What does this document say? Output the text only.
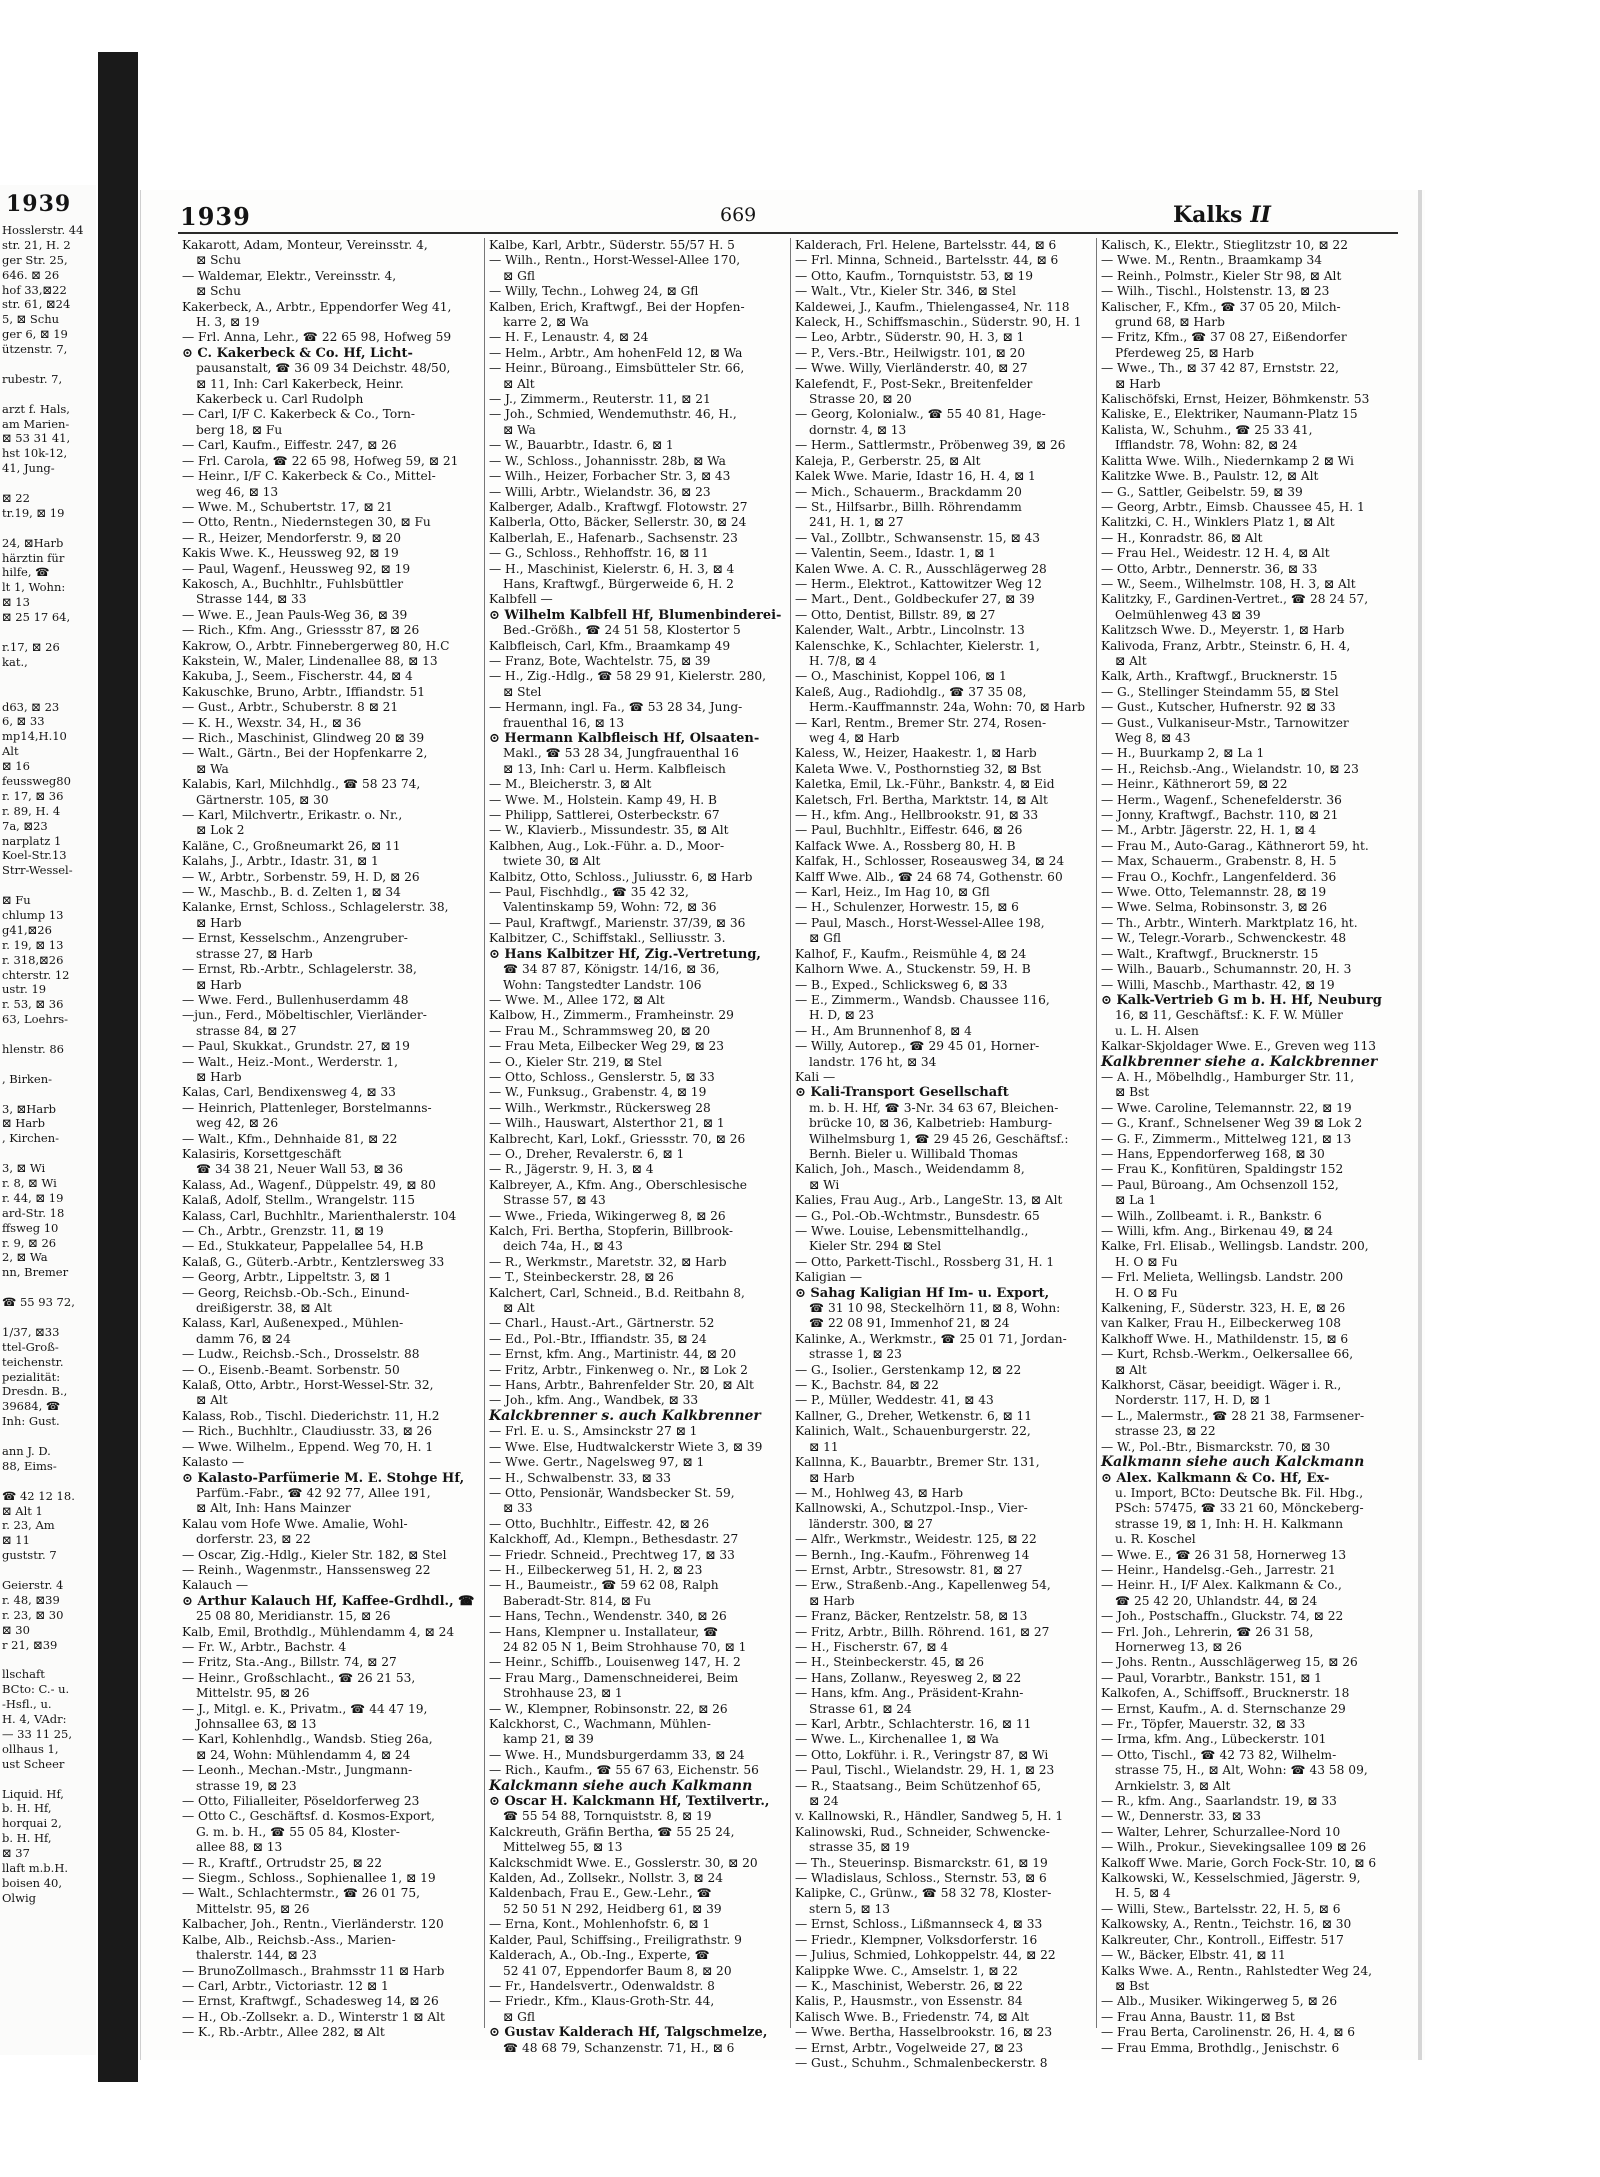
1939
Hosslerstr. 44
str. 21, H. 2
ger Str. 25,
646. ⊠ 26
hof 33,⊠22
str. 61, ⊠24
5, ⊠ Schu
ger 6, ⊠ 19
ützenstr. 7,
rubestr. 7,
arzt f. Hals,
am Marien-
⊠ 53 31 41,
hst 10k-12,
41, Jung-
⊠ 22
tr.19, ⊠ 19
24, ⊠Harb
härztin für
hilfe, ☎
lt 1, Wohn:
⊠ 13
⊠ 25 17 64,
r.17, ⊠ 26
kat.,
d63, ⊠ 23
6, ⊠ 33
mp14,H.10
Alt
⊠ 16
feussweg80
r. 17, ⊠ 36
r. 89, H. 4
7a, ⊠23
narplatz 1
Koel-Str.13
Strr-Wessel-
⊠ Fu
chlump 13
g41,⊠26
r. 19, ⊠ 13
r. 318,⊠26
chterstr. 12
ustr. 19
r. 53, ⊠ 36
63, Loehrs-
hlenstr. 86
, Birken-
3, ⊠Harb
⊠ Harb
, Kirchen-
3, ⊠ Wi
r. 8, ⊠ Wi
r. 44, ⊠ 19
ard-Str. 18
ffsweg 10
r. 9, ⊠ 26
2, ⊠ Wa
nn, Bremer
☎ 55 93 72,
1/37, ⊠33
ttel-Groß-
teichenstr.
pezialität:
Dresdn. B.,
39684, ☎
Inh: Gust.
ann J. D.
88, Eims-
☎ 42 12 18.
⊠ Alt 1
r. 23, Am
⊠ 11
guststr. 7
Geierstr. 4
r. 48, ⊠39
r. 23, ⊠ 30
⊠ 30
r 21, ⊠39
llschaft
BCto: C.- u.
-Hsfl., u.
H. 4, VAdr:
— 33 11 25,
ollhaus 1,
ust Scheer
Liquid. Hf,
b. H. Hf,
horquai 2,
b. H. Hf,
⊠ 37
llaft m.b.H.
boisen 40,
Olwig
1939	669	Kalks II
Kakarott, Adam, Monteur, Vereinsstr. 4,
⊠ Schu
— Waldemar, Elektr., Vereinsstr. 4,
⊠ Schu
Kakerbeck, A., Arbtr., Eppendorfer Weg 41,
H. 3, ⊠ 19
— Frl. Anna, Lehr., ☎ 22 65 98, Hofweg 59
⊙ C. Kakerbeck & Co. Hf, Licht-
pausanstalt, ☎ 36 09 34 Deichstr. 48/50,
⊠ 11, Inh: Carl Kakerbeck, Heinr.
Kakerbeck u. Carl Rudolph
— Carl, I/F C. Kakerbeck & Co., Torn-
berg 18, ⊠ Fu
— Carl, Kaufm., Eiffestr. 247, ⊠ 26
— Frl. Carola, ☎ 22 65 98, Hofweg 59, ⊠ 21
— Heinr., I/F C. Kakerbeck & Co., Mittel-
weg 46, ⊠ 13
— Wwe. M., Schubertstr. 17, ⊠ 21
— Otto, Rentn., Niedernstegen 30, ⊠ Fu
— R., Heizer, Mendorferstr. 9, ⊠ 20
Kakis Wwe. K., Heussweg 92, ⊠ 19
— Paul, Wagenf., Heussweg 92, ⊠ 19
Kakosch, A., Buchhltr., Fuhlsbüttler
Strasse 144, ⊠ 33
— Wwe. E., Jean Pauls-Weg 36, ⊠ 39
— Rich., Kfm. Ang., Griessstr 87, ⊠ 26
Kakrow, O., Arbtr. Finnebergerweg 80, H.C
Kakstein, W., Maler, Lindenallee 88, ⊠ 13
Kakuba, J., Seem., Fischerstr. 44, ⊠ 4
Kakuschke, Bruno, Arbtr., Iffiandstr. 51
— Gust., Arbtr., Schuberstr. 8 ⊠ 21
— K. H., Wexstr. 34, H., ⊠ 36
— Rich., Maschinist, Glindweg 20 ⊠ 39
— Walt., Gärtn., Bei der Hopfenkarre 2,
⊠ Wa
Kalabis, Karl, Milchhdlg., ☎ 58 23 74,
Gärtnerstr. 105, ⊠ 30
— Karl, Milchvertr., Erikastr. o. Nr.,
⊠ Lok 2
Kaläne, C., Großneumarkt 26, ⊠ 11
Kalahs, J., Arbtr., Idastr. 31, ⊠ 1
— W., Arbtr., Sorbenstr. 59, H. D, ⊠ 26
— W., Maschb., B. d. Zelten 1, ⊠ 34
Kalanke, Ernst, Schloss., Schlagelerstr. 38,
⊠ Harb
— Ernst, Kesselschm., Anzengruber-
strasse 27, ⊠ Harb
— Ernst, Rb.-Arbtr., Schlagelerstr. 38,
⊠ Harb
— Wwe. Ferd., Bullenhuserdamm 48
—jun., Ferd., Möbeltischler, Vierländer-
strasse 84, ⊠ 27
— Paul, Skukkat., Grundstr. 27, ⊠ 19
— Walt., Heiz.-Mont., Werderstr. 1,
⊠ Harb
Kalas, Carl, Bendixensweg 4, ⊠ 33
— Heinrich, Plattenleger, Borstelmanns-
weg 42, ⊠ 26
— Walt., Kfm., Dehnhaide 81, ⊠ 22
Kalasiris, Korsettgeschäft
☎ 34 38 21, Neuer Wall 53, ⊠ 36
Kalass, Ad., Wagenf., Düppelstr. 49, ⊠ 80
Kalaß, Adolf, Stellm., Wrangelstr. 115
Kalass, Carl, Buchhltr., Marienthalerstr. 104
— Ch., Arbtr., Grenzstr. 11, ⊠ 19
— Ed., Stukkateur, Pappelallee 54, H.B
Kalaß, G., Güterb.-Arbtr., Kentzlersweg 33
— Georg, Arbtr., Lippeltstr. 3, ⊠ 1
— Georg, Reichsb.-Ob.-Sch., Einund-
dreißigerstr. 38, ⊠ Alt
Kalass, Karl, Außenexped., Mühlen-
damm 76, ⊠ 24
— Ludw., Reichsb.-Sch., Drosselstr. 88
— O., Eisenb.-Beamt. Sorbenstr. 50
Kalaß, Otto, Arbtr., Horst-Wessel-Str. 32,
⊠ Alt
Kalass, Rob., Tischl. Diederichstr. 11, H.2
— Rich., Buchhltr., Claudiusstr. 33, ⊠ 26
— Wwe. Wilhelm., Eppend. Weg 70, H. 1
Kalasto —
⊙ Kalasto-Parfümerie M. E. Stohge Hf,
Parfüm.-Fabr., ☎ 42 92 77, Allee 191,
⊠ Alt, Inh: Hans Mainzer
Kalau vom Hofe Wwe. Amalie, Wohl-
dorferstr. 23, ⊠ 22
— Oscar, Zig.-Hdlg., Kieler Str. 182, ⊠ Stel
— Reinh., Wagenmstr., Hanssensweg 22
Kalauch —
⊙ Arthur Kalauch Hf, Kaffee-Grdhdl., ☎
25 08 80, Meridianstr. 15, ⊠ 26
Kalb, Emil, Brothdlg., Mühlendamm 4, ⊠ 24
— Fr. W., Arbtr., Bachstr. 4
— Fritz, Sta.-Ang., Billstr. 74, ⊠ 27
— Heinr., Großschlacht., ☎ 26 21 53,
Mittelstr. 95, ⊠ 26
— J., Mitgl. e. K., Privatm., ☎ 44 47 19,
Johnsallee 63, ⊠ 13
— Karl, Kohlenhdlg., Wandsb. Stieg 26a,
⊠ 24, Wohn: Mühlendamm 4, ⊠ 24
— Leonh., Mechan.-Mstr., Jungmann-
strasse 19, ⊠ 23
— Otto, Filialleiter, Pöseldorferweg 23
— Otto C., Geschäftsf. d. Kosmos-Export,
G. m. b. H., ☎ 55 05 84, Kloster-
allee 88, ⊠ 13
— R., Kraftf., Ortrudstr 25, ⊠ 22
— Siegm., Schloss., Sophienallee 1, ⊠ 19
— Walt., Schlachtermstr., ☎ 26 01 75,
Mittelstr. 95, ⊠ 26
Kalbacher, Joh., Rentn., Vierländerstr. 120
Kalbe, Alb., Reichsb.-Ass., Marien-
thalerstr. 144, ⊠ 23
— BrunoZollmasch., Brahmsstr 11 ⊠ Harb
— Carl, Arbtr., Victoriastr. 12 ⊠ 1
— Ernst, Kraftwgf., Schadesweg 14, ⊠ 26
— H., Ob.-Zollsekr. a. D., Winterstr 1 ⊠ Alt
— K., Rb.-Arbtr., Allee 282, ⊠ Alt
Kalbe, Karl, Arbtr., Süderstr. 55/57 H. 5
— Wilh., Rentn., Horst-Wessel-Allee 170,
⊠ Gfl
— Willy, Techn., Lohweg 24, ⊠ Gfl
Kalben, Erich, Kraftwgf., Bei der Hopfen-
karre 2, ⊠ Wa
— H. F., Lenaustr. 4, ⊠ 24
— Helm., Arbtr., Am hohenFeld 12, ⊠ Wa
— Heinr., Büroang., Eimsbütteler Str. 66,
⊠ Alt
— J., Zimmerm., Reuterstr. 11, ⊠ 21
— Joh., Schmied, Wendemuthstr. 46, H.,
⊠ Wa
— W., Bauarbtr., Idastr. 6, ⊠ 1
— W., Schloss., Johannisstr. 28b, ⊠ Wa
— Wilh., Heizer, Forbacher Str. 3, ⊠ 43
— Willi, Arbtr., Wielandstr. 36, ⊠ 23
Kalberger, Adalb., Kraftwgf. Flotowstr. 27
Kalberla, Otto, Bäcker, Sellerstr. 30, ⊠ 24
Kalberlah, E., Hafenarb., Sachsenstr. 23
— G., Schloss., Rehhoffstr. 16, ⊠ 11
— H., Maschinist, Kielerstr. 6, H. 3, ⊠ 4
Hans, Kraftwgf., Bürgerweide 6, H. 2
Kalbfell —
⊙ Wilhelm Kalbfell Hf, Blumenbinderei-
Bed.-Größh., ☎ 24 51 58, Klostertor 5
Kalbfleisch, Carl, Kfm., Braamkamp 49
— Franz, Bote, Wachtelstr. 75, ⊠ 39
— H., Zig.-Hdlg., ☎ 58 29 91, Kielerstr. 280,
⊠ Stel
— Hermann, ingl. Fa., ☎ 53 28 34, Jung-
frauenthal 16, ⊠ 13
⊙ Hermann Kalbfleisch Hf, Olsaaten-
Makl., ☎ 53 28 34, Jungfrauenthal 16
⊠ 13, Inh: Carl u. Herm. Kalbfleisch
— M., Bleicherstr. 3, ⊠ Alt
— Wwe. M., Holstein. Kamp 49, H. B
— Philipp, Sattlerei, Osterbeckstr. 67
— W., Klavierb., Missundestr. 35, ⊠ Alt
Kalbhen, Aug., Lok.-Führ. a. D., Moor-
twiete 30, ⊠ Alt
Kalbitz, Otto, Schloss., Juliusstr. 6, ⊠ Harb
— Paul, Fischhdlg., ☎ 35 42 32,
Valentinskamp 59, Wohn: 72, ⊠ 36
— Paul, Kraftwgf., Marienstr. 37/39, ⊠ 36
Kalbitzer, C., Schiffstakl., Selliusstr. 3.
⊙ Hans Kalbitzer Hf, Zig.-Vertretung,
☎ 34 87 87, Königstr. 14/16, ⊠ 36,
Wohn: Tangstedter Landstr. 106
— Wwe. M., Allee 172, ⊠ Alt
Kalbow, H., Zimmerm., Framheinstr. 29
— Frau M., Schrammsweg 20, ⊠ 20
— Frau Meta, Eilbecker Weg 29, ⊠ 23
— O., Kieler Str. 219, ⊠ Stel
— Otto, Schloss., Genslerstr. 5, ⊠ 33
— W., Funksug., Grabenstr. 4, ⊠ 19
— Wilh., Werkmstr., Rückersweg 28
— Wilh., Hauswart, Alsterthor 21, ⊠ 1
Kalbrecht, Karl, Lokf., Griessstr. 70, ⊠ 26
— O., Dreher, Revalerstr. 6, ⊠ 1
— R., Jägerstr. 9, H. 3, ⊠ 4
Kalbreyer, A., Kfm. Ang., Oberschlesische
Strasse 57, ⊠ 43
— Wwe., Frieda, Wikingerweg 8, ⊠ 26
Kalch, Fri. Bertha, Stopferin, Billbrook-
deich 74a, H., ⊠ 43
— R., Werkmstr., Maretstr. 32, ⊠ Harb
— T., Steinbeckerstr. 28, ⊠ 26
Kalchert, Carl, Schneid., B.d. Reitbahn 8,
⊠ Alt
— Charl., Haust.-Art., Gärtnerstr. 52
— Ed., Pol.-Btr., Iffiandstr. 35, ⊠ 24
— Ernst, kfm. Ang., Martinistr. 44, ⊠ 20
— Fritz, Arbtr., Finkenweg o. Nr., ⊠ Lok 2
— Hans, Arbtr., Bahrenfelder Str. 20, ⊠ Alt
— Joh., kfm. Ang., Wandbek, ⊠ 33
Kalckbrenner s. auch Kalkbrenner
— Frl. E. u. S., Amsinckstr 27 ⊠ 1
— Wwe. Else, Hudtwalckerstr Wiete 3, ⊠ 39
— Wwe. Gertr., Nagelsweg 97, ⊠ 1
— H., Schwalbenstr. 33, ⊠ 33
— Otto, Pensionär, Wandsbecker St. 59,
⊠ 33
— Otto, Buchhltr., Eiffestr. 42, ⊠ 26
Kalckhoff, Ad., Klempn., Bethesdastr. 27
— Friedr. Schneid., Prechtweg 17, ⊠ 33
— H., Eilbeckerweg 51, H. 2, ⊠ 23
— H., Baumeistr., ☎ 59 62 08, Ralph
Baberadt-Str. 814, ⊠ Fu
— Hans, Techn., Wendenstr. 340, ⊠ 26
— Hans, Klempner u. Installateur, ☎
24 82 05 N 1, Beim Strohhause 70, ⊠ 1
— Heinr., Schiffb., Louisenweg 147, H. 2
— Frau Marg., Damenschneiderei, Beim
Strohhause 23, ⊠ 1
— W., Klempner, Robinsonstr. 22, ⊠ 26
Kalckhorst, C., Wachmann, Mühlen-
kamp 21, ⊠ 39
— Wwe. H., Mundsburgerdamm 33, ⊠ 24
— Rich., Kaufm., ☎ 55 67 63, Eichenstr. 56
Kalckmann siehe auch Kalkmann
⊙ Oscar H. Kalckmann Hf, Textilvertr.,
☎ 55 54 88, Tornquiststr. 8, ⊠ 19
Kalckreuth, Gräfin Bertha, ☎ 55 25 24,
Mittelweg 55, ⊠ 13
Kalckschmidt Wwe. E., Gosslerstr. 30, ⊠ 20
Kalden, Ad., Zollsekr., Nollstr. 3, ⊠ 24
Kaldenbach, Frau E., Gew.-Lehr., ☎
52 50 51 N 292, Heidberg 61, ⊠ 39
— Erna, Kont., Mohlenhofstr. 6, ⊠ 1
Kalder, Paul, Schiffsing., Freiligrathstr. 9
Kalderach, A., Ob.-Ing., Experte, ☎
52 41 07, Eppendorfer Baum 8, ⊠ 20
— Fr., Handelsvertr., Odenwaldstr. 8
— Friedr., Kfm., Klaus-Groth-Str. 44,
⊠ Gfl
⊙ Gustav Kalderach Hf, Talgschmelze,
☎ 48 68 79, Schanzenstr. 71, H., ⊠ 6
Kalderach, Frl. Helene, Bartelsstr. 44, ⊠ 6
— Frl. Minna, Schneid., Bartelsstr. 44, ⊠ 6
— Otto, Kaufm., Tornquiststr. 53, ⊠ 19
— Walt., Vtr., Kieler Str. 346, ⊠ Stel
Kaldewei, J., Kaufm., Thielengasse4, Nr. 118
Kaleck, H., Schiffsmaschin., Süderstr. 90, H. 1
— Leo, Arbtr., Süderstr. 90, H. 3, ⊠ 1
— P., Vers.-Btr., Heilwigstr. 101, ⊠ 20
— Wwe. Willy, Vierländerstr. 40, ⊠ 27
Kalefendt, F., Post-Sekr., Breitenfelder
Strasse 20, ⊠ 20
— Georg, Kolonialw., ☎ 55 40 81, Hage-
dornstr. 4, ⊠ 13
— Herm., Sattlermstr., Pröbenweg 39, ⊠ 26
Kaleja, P., Gerberstr. 25, ⊠ Alt
Kalek Wwe. Marie, Idastr 16, H. 4, ⊠ 1
— Mich., Schauerm., Brackdamm 20
— St., Hilfsarbr., Billh. Röhrendamm
241, H. 1, ⊠ 27
— Val., Zollbtr., Schwansenstr. 15, ⊠ 43
— Valentin, Seem., Idastr. 1, ⊠ 1
Kalen Wwe. A. C. R., Ausschlägerweg 28
— Herm., Elektrot., Kattowitzer Weg 12
— Mart., Dent., Goldbeckufer 27, ⊠ 39
— Otto, Dentist, Billstr. 89, ⊠ 27
Kalender, Walt., Arbtr., Lincolnstr. 13
Kalenschke, K., Schlachter, Kielerstr. 1,
H. 7/8, ⊠ 4
— O., Maschinist, Koppel 106, ⊠ 1
Kaleß, Aug., Radiohdlg., ☎ 37 35 08,
Herm.-Kauffmannstr. 24a, Wohn: 70, ⊠ Harb
— Karl, Rentm., Bremer Str. 274, Rosen-
weg 4, ⊠ Harb
Kaless, W., Heizer, Haakestr. 1, ⊠ Harb
Kaleta Wwe. V., Posthornstieg 32, ⊠ Bst
Kaletka, Emil, Lk.-Führ., Bankstr. 4, ⊠ Eid
Kaletsch, Frl. Bertha, Marktstr. 14, ⊠ Alt
— H., kfm. Ang., Hellbrookstr. 91, ⊠ 33
— Paul, Buchhltr., Eiffestr. 646, ⊠ 26
Kalfack Wwe. A., Rossberg 80, H. B
Kalfak, H., Schlosser, Roseausweg 34, ⊠ 24
Kalff Wwe. Alb., ☎ 24 68 74, Gothenstr. 60
— Karl, Heiz., Im Hag 10, ⊠ Gfl
— H., Schulenzer, Horwestr. 15, ⊠ 6
— Paul, Masch., Horst-Wessel-Allee 198,
⊠ Gfl
Kalhof, F., Kaufm., Reismühle 4, ⊠ 24
Kalhorn Wwe. A., Stuckenstr. 59, H. B
— B., Exped., Schlicksweg 6, ⊠ 33
— E., Zimmerm., Wandsb. Chaussee 116,
H. D, ⊠ 23
— H., Am Brunnenhof 8, ⊠ 4
— Willy, Autorep., ☎ 29 45 01, Horner-
landstr. 176 ht, ⊠ 34
Kali —
⊙ Kali-Transport Gesellschaft
m. b. H. Hf, ☎ 3-Nr. 34 63 67, Bleichen-
brücke 10, ⊠ 36, Kalbetrieb: Hamburg-
Wilhelmsburg 1, ☎ 29 45 26, Geschäftsf.:
Bernh. Bieler u. Willibald Thomas
Kalich, Joh., Masch., Weidendamm 8,
⊠ Wi
Kalies, Frau Aug., Arb., LangeStr. 13, ⊠ Alt
— G., Pol.-Ob.-Wchtmstr., Bunsdestr. 65
— Wwe. Louise, Lebensmittelhandlg.,
Kieler Str. 294 ⊠ Stel
— Otto, Parkett-Tischl., Rossberg 31, H. 1
Kaligian —
⊙ Sahag Kaligian Hf Im- u. Export,
☎ 31 10 98, Steckelhörn 11, ⊠ 8, Wohn:
☎ 22 08 91, Immenhof 21, ⊠ 24
Kalinke, A., Werkmstr., ☎ 25 01 71, Jordan-
strasse 1, ⊠ 23
— G., Isolier., Gerstenkamp 12, ⊠ 22
— K., Bachstr. 84, ⊠ 22
— P., Müller, Weddestr. 41, ⊠ 43
Kallner, G., Dreher, Wetkenstr. 6, ⊠ 11
Kalinich, Walt., Schauenburgerstr. 22,
⊠ 11
Kallnna, K., Bauarbtr., Bremer Str. 131,
⊠ Harb
— M., Hohlweg 43, ⊠ Harb
Kallnowski, A., Schutzpol.-Insp., Vier-
länderstr. 300, ⊠ 27
— Alfr., Werkmstr., Weidestr. 125, ⊠ 22
— Bernh., Ing.-Kaufm., Föhrenweg 14
— Ernst, Arbtr., Stresowstr. 81, ⊠ 27
— Erw., Straßenb.-Ang., Kapellenweg 54,
⊠ Harb
— Franz, Bäcker, Rentzelstr. 58, ⊠ 13
— Fritz, Arbtr., Billh. Röhrend. 161, ⊠ 27
— H., Fischerstr. 67, ⊠ 4
— H., Steinbeckerstr. 45, ⊠ 26
— Hans, Zollanw., Reyesweg 2, ⊠ 22
— Hans, kfm. Ang., Präsident-Krahn-
Strasse 61, ⊠ 24
— Karl, Arbtr., Schlachterstr. 16, ⊠ 11
— Wwe. L., Kirchenallee 1, ⊠ Wa
— Otto, Lokführ. i. R., Veringstr 87, ⊠ Wi
— Paul, Tischl., Wielandstr. 29, H. 1, ⊠ 23
— R., Staatsang., Beim Schützenhof 65,
⊠ 24
v. Kallnowski, R., Händler, Sandweg 5, H. 1
Kalinowski, Rud., Schneider, Schwencke-
strasse 35, ⊠ 19
— Th., Steuerinsp. Bismarckstr. 61, ⊠ 19
— Wladislaus, Schloss., Sternstr. 53, ⊠ 6
Kalipke, C., Grünw., ☎ 58 32 78, Kloster-
stern 5, ⊠ 13
— Ernst, Schloss., Lißmannseck 4, ⊠ 33
— Friedr., Klempner, Volksdorferstr. 16
— Julius, Schmied, Lohkoppelstr. 44, ⊠ 22
Kalippke Wwe. C., Amselstr. 1, ⊠ 22
— K., Maschinist, Weberstr. 26, ⊠ 22
Kalis, P., Hausmstr., von Essenstr. 84
Kalisch Wwe. B., Friedenstr. 74, ⊠ Alt
— Wwe. Bertha, Hasselbrookstr. 16, ⊠ 23
— Ernst, Arbtr., Vogelweide 27, ⊠ 23
— Gust., Schuhm., Schmalenbeckerstr. 8
Kalisch, K., Elektr., Stieglitzstr 10, ⊠ 22
— Wwe. M., Rentn., Braamkamp 34
— Reinh., Polmstr., Kieler Str 98, ⊠ Alt
— Wilh., Tischl., Holstenstr. 13, ⊠ 23
Kalischer, F., Kfm., ☎ 37 05 20, Milch-
grund 68, ⊠ Harb
— Fritz, Kfm., ☎ 37 08 27, Eißendorfer
Pferdeweg 25, ⊠ Harb
— Wwe., Th., ⊠ 37 42 87, Ernststr. 22,
⊠ Harb
Kalischöfski, Ernst, Heizer, Böhmkenstr. 53
Kaliske, E., Elektriker, Naumann-Platz 15
Kalista, W., Schuhm., ☎ 25 33 41,
Ifflandstr. 78, Wohn: 82, ⊠ 24
Kalitta Wwe. Wilh., Niedernkamp 2 ⊠ Wi
Kalitzke Wwe. B., Paulstr. 12, ⊠ Alt
— G., Sattler, Geibelstr. 59, ⊠ 39
— Georg, Arbtr., Eimsb. Chaussee 45, H. 1
Kalitzki, C. H., Winklers Platz 1, ⊠ Alt
— H., Konradstr. 86, ⊠ Alt
— Frau Hel., Weidestr. 12 H. 4, ⊠ Alt
— Otto, Arbtr., Dennerstr. 36, ⊠ 33
— W., Seem., Wilhelmstr. 108, H. 3, ⊠ Alt
Kalitzky, F., Gardinen-Vertret., ☎ 28 24 57,
Oelmühlenweg 43 ⊠ 39
Kalitzsch Wwe. D., Meyerstr. 1, ⊠ Harb
Kalivoda, Franz, Arbtr., Steinstr. 6, H. 4,
⊠ Alt
Kalk, Arth., Kraftwgf., Brucknerstr. 15
— G., Stellinger Steindamm 55, ⊠ Stel
— Gust., Kutscher, Hufnerstr. 92 ⊠ 33
— Gust., Vulkaniseur-Mstr., Tarnowitzer
Weg 8, ⊠ 43
— H., Buurkamp 2, ⊠ La 1
— H., Reichsb.-Ang., Wielandstr. 10, ⊠ 23
— Heinr., Käthnerort 59, ⊠ 22
— Herm., Wagenf., Schenefelderstr. 36
— Jonny, Kraftwgf., Bachstr. 110, ⊠ 21
— M., Arbtr. Jägerstr. 22, H. 1, ⊠ 4
— Frau M., Auto-Garag., Käthnerort 59, ht.
— Max, Schauerm., Grabenstr. 8, H. 5
— Frau O., Kochfr., Langenfelderd. 36
— Wwe. Otto, Telemannstr. 28, ⊠ 19
— Wwe. Selma, Robinsonstr. 3, ⊠ 26
— Th., Arbtr., Winterh. Marktplatz 16, ht.
— W., Telegr.-Vorarb., Schwenckestr. 48
— Walt., Kraftwgf., Brucknerstr. 15
— Wilh., Bauarb., Schumannstr. 20, H. 3
— Willi, Maschb., Marthastr. 42, ⊠ 19
⊙ Kalk-Vertrieb G m b. H. Hf, Neuburg
16, ⊠ 11, Geschäftsf.: K. F. W. Müller
u. L. H. Alsen
Kalkar-Skjoldager Wwe. E., Greven weg 113
Kalkbrenner siehe a. Kalckbrenner
— A. H., Möbelhdlg., Hamburger Str. 11,
⊠ Bst
— Wwe. Caroline, Telemannstr. 22, ⊠ 19
— G., Kranf., Schnelsener Weg 39 ⊠ Lok 2
— G. F., Zimmerm., Mittelweg 121, ⊠ 13
— Hans, Eppendorferweg 168, ⊠ 30
— Frau K., Konfitüren, Spaldingstr 152
— Paul, Büroang., Am Ochsenzoll 152,
⊠ La 1
— Wilh., Zollbeamt. i. R., Bankstr. 6
— Willi, kfm. Ang., Birkenau 49, ⊠ 24
Kalke, Frl. Elisab., Wellingsb. Landstr. 200,
H. O ⊠ Fu
— Frl. Melieta, Wellingsb. Landstr. 200
H. O ⊠ Fu
Kalkening, F., Süderstr. 323, H. E, ⊠ 26
van Kalker, Frau H., Eilbeckerweg 108
Kalkhoff Wwe. H., Mathildenstr. 15, ⊠ 6
— Kurt, Rchsb.-Werkm., Oelkersallee 66,
⊠ Alt
Kalkhorst, Cäsar, beeidigt. Wäger i. R.,
Norderstr. 117, H. D, ⊠ 1
— L., Malermstr., ☎ 28 21 38, Farmsener-
strasse 23, ⊠ 22
— W., Pol.-Btr., Bismarckstr. 70, ⊠ 30
Kalkmann siehe auch Kalckmann
⊙ Alex. Kalkmann & Co. Hf, Ex-
u. Import, BCto: Deutsche Bk. Fil. Hbg.,
PSch: 57475, ☎ 33 21 60, Mönckeberg-
strasse 19, ⊠ 1, Inh: H. H. Kalkmann
u. R. Koschel
— Wwe. E., ☎ 26 31 58, Hornerweg 13
— Heinr., Handelsg.-Geh., Jarrestr. 21
— Heinr. H., I/F Alex. Kalkmann & Co.,
☎ 25 42 20, Uhlandstr. 44, ⊠ 24
— Joh., Postschaffn., Gluckstr. 74, ⊠ 22
— Frl. Joh., Lehrerin, ☎ 26 31 58,
Hornerweg 13, ⊠ 26
— Johs. Rentn., Ausschlägerweg 15, ⊠ 26
— Paul, Vorarbtr., Bankstr. 151, ⊠ 1
Kalkofen, A., Schiffsoff., Brucknerstr. 18
— Ernst, Kaufm., A. d. Sternschanze 29
— Fr., Töpfer, Mauerstr. 32, ⊠ 33
— Irma, kfm. Ang., Lübeckerstr. 101
— Otto, Tischl., ☎ 42 73 82, Wilhelm-
strasse 75, H., ⊠ Alt, Wohn: ☎ 43 58 09,
Arnkielstr. 3, ⊠ Alt
— R., kfm. Ang., Saarlandstr. 19, ⊠ 33
— W., Dennerstr. 33, ⊠ 33
— Walter, Lehrer, Schurzallee-Nord 10
— Wilh., Prokur., Sievekingsallee 109 ⊠ 26
Kalkoff Wwe. Marie, Gorch Fock-Str. 10, ⊠ 6
Kalkowski, W., Kesselschmied, Jägerstr. 9,
H. 5, ⊠ 4
— Willi, Stew., Bartelsstr. 22, H. 5, ⊠ 6
Kalkowsky, A., Rentn., Teichstr. 16, ⊠ 30
Kalkreuter, Chr., Kontroll., Eiffestr. 517
— W., Bäcker, Elbstr. 41, ⊠ 11
Kalks Wwe. A., Rentn., Rahlstedter Weg 24,
⊠ Bst
— Alb., Musiker. Wikingerweg 5, ⊠ 26
— Frau Anna, Baustr. 11, ⊠ Bst
— Frau Berta, Carolinenstr. 26, H. 4, ⊠ 6
— Frau Emma, Brothdlg., Jenischstr. 6
